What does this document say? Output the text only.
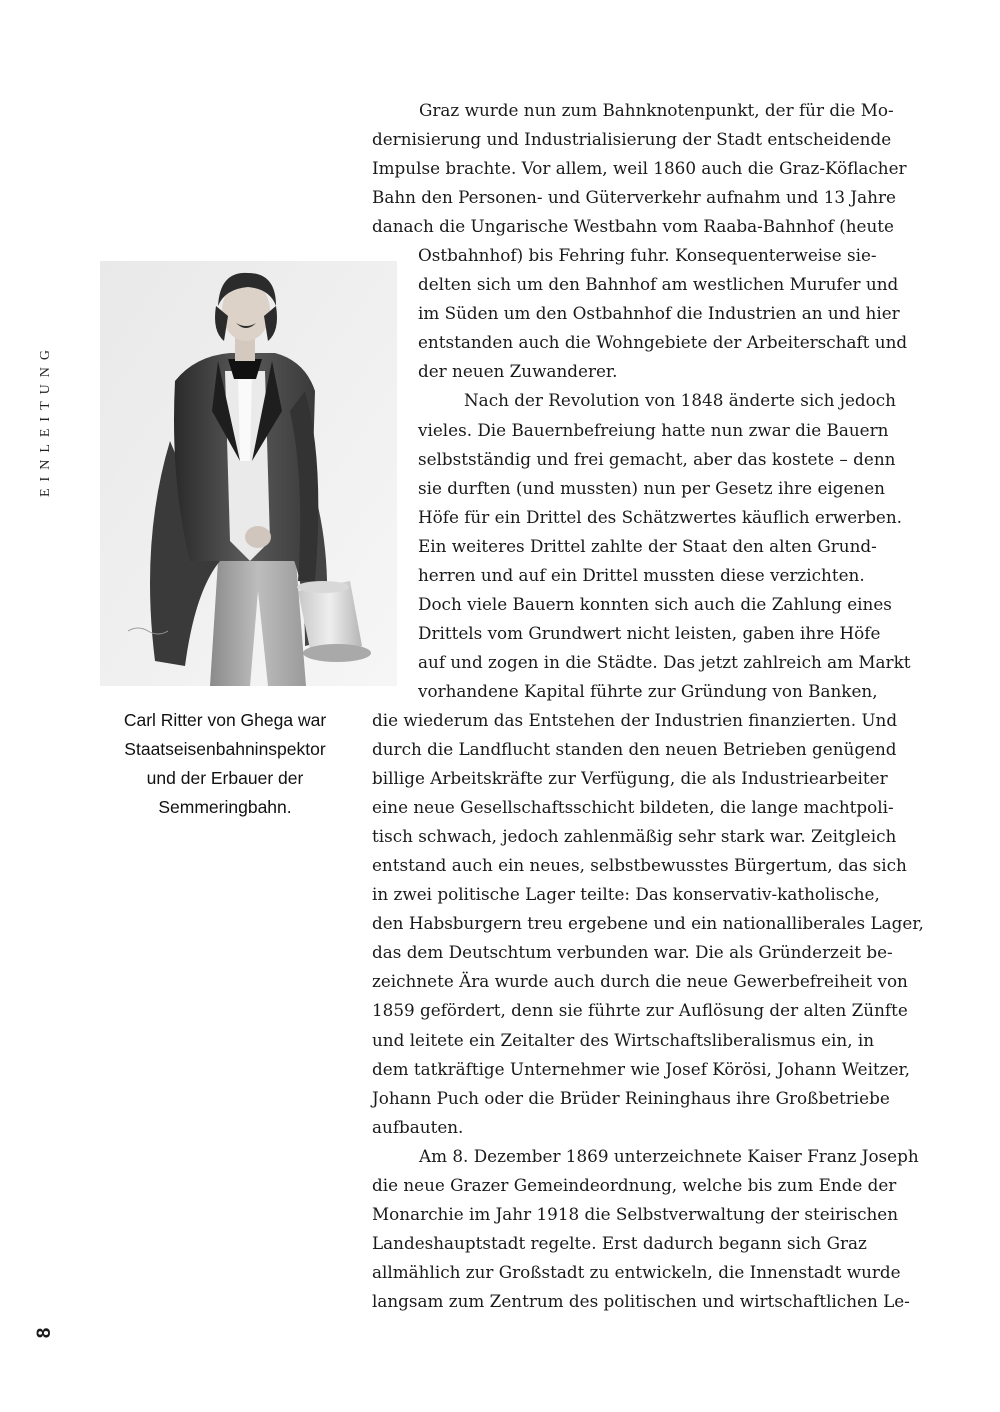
EINLEITUNG
8
Carl Ritter von Ghega war
Staatseisenbahninspektor
und der Erbauer der
Semmeringbahn.
Graz wurde nun zum Bahnknotenpunkt, der für die Mo-
dernisierung und Industrialisierung der Stadt entscheidende
Impulse brachte. Vor allem, weil 1860 auch die Graz-Köflacher
Bahn den Personen- und Güterverkehr aufnahm und 13 Jahre
danach die Ungarische Westbahn vom Raaba-Bahnhof (heute
Ostbahnhof) bis Fehring fuhr. Konsequenterweise sie-
delten sich um den Bahnhof am westlichen Murufer und
im Süden um den Ostbahnhof die Industrien an und hier
entstanden auch die Wohngebiete der Arbeiterschaft und
der neuen Zuwanderer.
Nach der Revolution von 1848 änderte sich jedoch
vieles. Die Bauernbefreiung hatte nun zwar die Bauern
selbstständig und frei gemacht, aber das kostete – denn
sie durften (und mussten) nun per Gesetz ihre eigenen
Höfe für ein Drittel des Schätzwertes käuflich erwerben.
Ein weiteres Drittel zahlte der Staat den alten Grund-
herren und auf ein Drittel mussten diese verzichten.
Doch viele Bauern konnten sich auch die Zahlung eines
Drittels vom Grundwert nicht leisten, gaben ihre Höfe
auf und zogen in die Städte. Das jetzt zahlreich am Markt
vorhandene Kapital führte zur Gründung von Banken,
die wiederum das Entstehen der Industrien finanzierten. Und
durch die Landflucht standen den neuen Betrieben genügend
billige Arbeitskräfte zur Verfügung, die als Industriearbeiter
eine neue Gesellschaftsschicht bildeten, die lange machtpoli-
tisch schwach, jedoch zahlenmäßig sehr stark war. Zeitgleich
entstand auch ein neues, selbstbewusstes Bürgertum, das sich
in zwei politische Lager teilte: Das konservativ-katholische,
den Habsburgern treu ergebene und ein nationalliberales Lager,
das dem Deutschtum verbunden war. Die als Gründerzeit be-
zeichnete Ära wurde auch durch die neue Gewerbefreiheit von
1859 gefördert, denn sie führte zur Auflösung der alten Zünfte
und leitete ein Zeitalter des Wirtschaftsliberalismus ein, in
dem tatkräftige Unternehmer wie Josef Körösi, Johann Weitzer,
Johann Puch oder die Brüder Reininghaus ihre Großbetriebe
aufbauten.
Am 8. Dezember 1869 unterzeichnete Kaiser Franz Joseph
die neue Grazer Gemeindeordnung, welche bis zum Ende der
Monarchie im Jahr 1918 die Selbstverwaltung der steirischen
Landeshauptstadt regelte. Erst dadurch begann sich Graz
allmählich zur Großstadt zu entwickeln, die Innenstadt wurde
langsam zum Zentrum des politischen und wirtschaftlichen Le-
